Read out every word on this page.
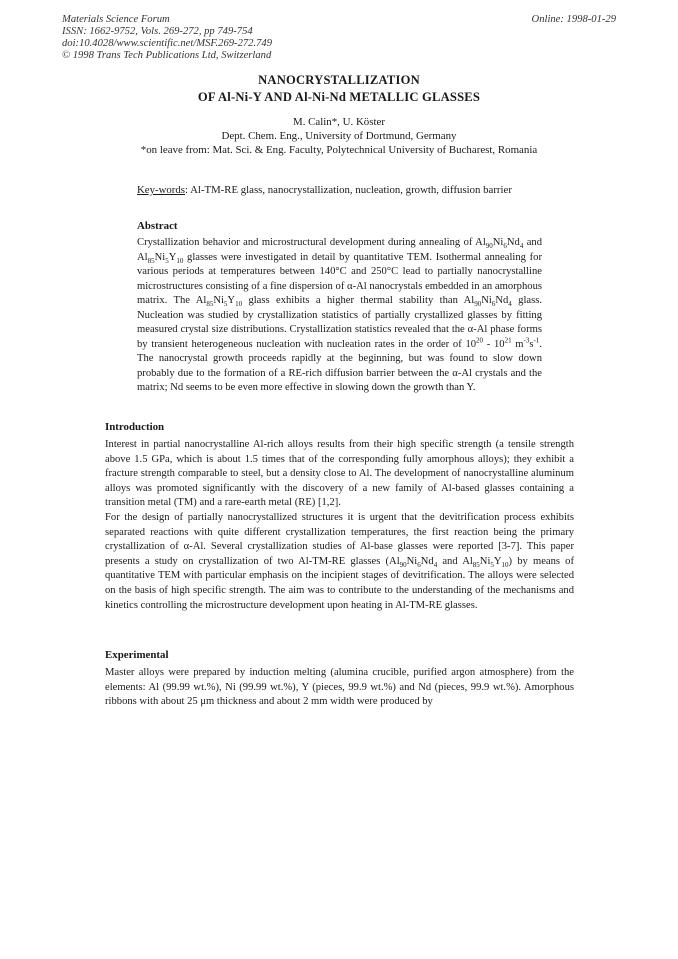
Materials Science Forum
ISSN: 1662-9752, Vols. 269-272, pp 749-754
doi:10.4028/www.scientific.net/MSF.269-272.749
© 1998 Trans Tech Publications Ltd, Switzerland
Online: 1998-01-29
NANOCRYSTALLIZATION
OF Al-Ni-Y AND Al-Ni-Nd METALLIC GLASSES
M. Calin*, U. Köster
Dept. Chem. Eng., University of Dortmund, Germany
*on leave from: Mat. Sci. & Eng. Faculty, Polytechnical University of Bucharest, Romania
Key-words: Al-TM-RE glass, nanocrystallization, nucleation, growth, diffusion barrier
Abstract
Crystallization behavior and microstructural development during annealing of $Al_{90}Ni_6Nd_4$ and $Al_{85}Ni_5Y_{10}$ glasses were investigated in detail by quantitative TEM. Isothermal annealing for various periods at temperatures between 140°C and 250°C lead to partially nanocrystalline microstructures consisting of a fine dispersion of α-Al nanocrystals embedded in an amorphous matrix. The $Al_{85}Ni_5Y_{10}$ glass exhibits a higher thermal stability than $Al_{90}Ni_6Nd_4$ glass. Nucleation was studied by crystallization statistics of partially crystallized glasses by fitting measured crystal size distributions. Crystallization statistics revealed that the α-Al phase forms by transient heterogeneous nucleation with nucleation rates in the order of $10^{20} - 10^{21}$ $m^{-3}s^{-1}$. The nanocrystal growth proceeds rapidly at the beginning, but was found to slow down probably due to the formation of a RE-rich diffusion barrier between the α-Al crystals and the matrix; Nd seems to be even more effective in slowing down the growth than Y.
Introduction
Interest in partial nanocrystalline Al-rich alloys results from their high specific strength (a tensile strength above 1.5 GPa, which is about 1.5 times that of the corresponding fully amorphous alloys); they exhibit a fracture strength comparable to steel, but a density close to Al. The development of nanocrystalline aluminum alloys was promoted significantly with the discovery of a new family of Al-based glasses containing a transition metal (TM) and a rare-earth metal (RE) [1,2].
For the design of partially nanocrystallized structures it is urgent that the devitrification process exhibits separated reactions with quite different crystallization temperatures, the first reaction being the primary crystallization of α-Al. Several crystallization studies of Al-base glasses were reported [3-7]. This paper presents a study on crystallization of two Al-TM-RE glasses ($Al_{90}Ni_6Nd_4$ and $Al_{85}Ni_5Y_{10}$) by means of quantitative TEM with particular emphasis on the incipient stages of devitrification. The alloys were selected on the basis of high specific strength. The aim was to contribute to the understanding of the mechanisms and kinetics controlling the microstructure development upon heating in Al-TM-RE glasses.
Experimental
Master alloys were prepared by induction melting (alumina crucible, purified argon atmosphere) from the elements: Al (99.99 wt.%), Ni (99.99 wt.%), Y (pieces, 99.9 wt.%) and Nd (pieces, 99.9 wt.%). Amorphous ribbons with about 25 μm thickness and about 2 mm width were produced by
